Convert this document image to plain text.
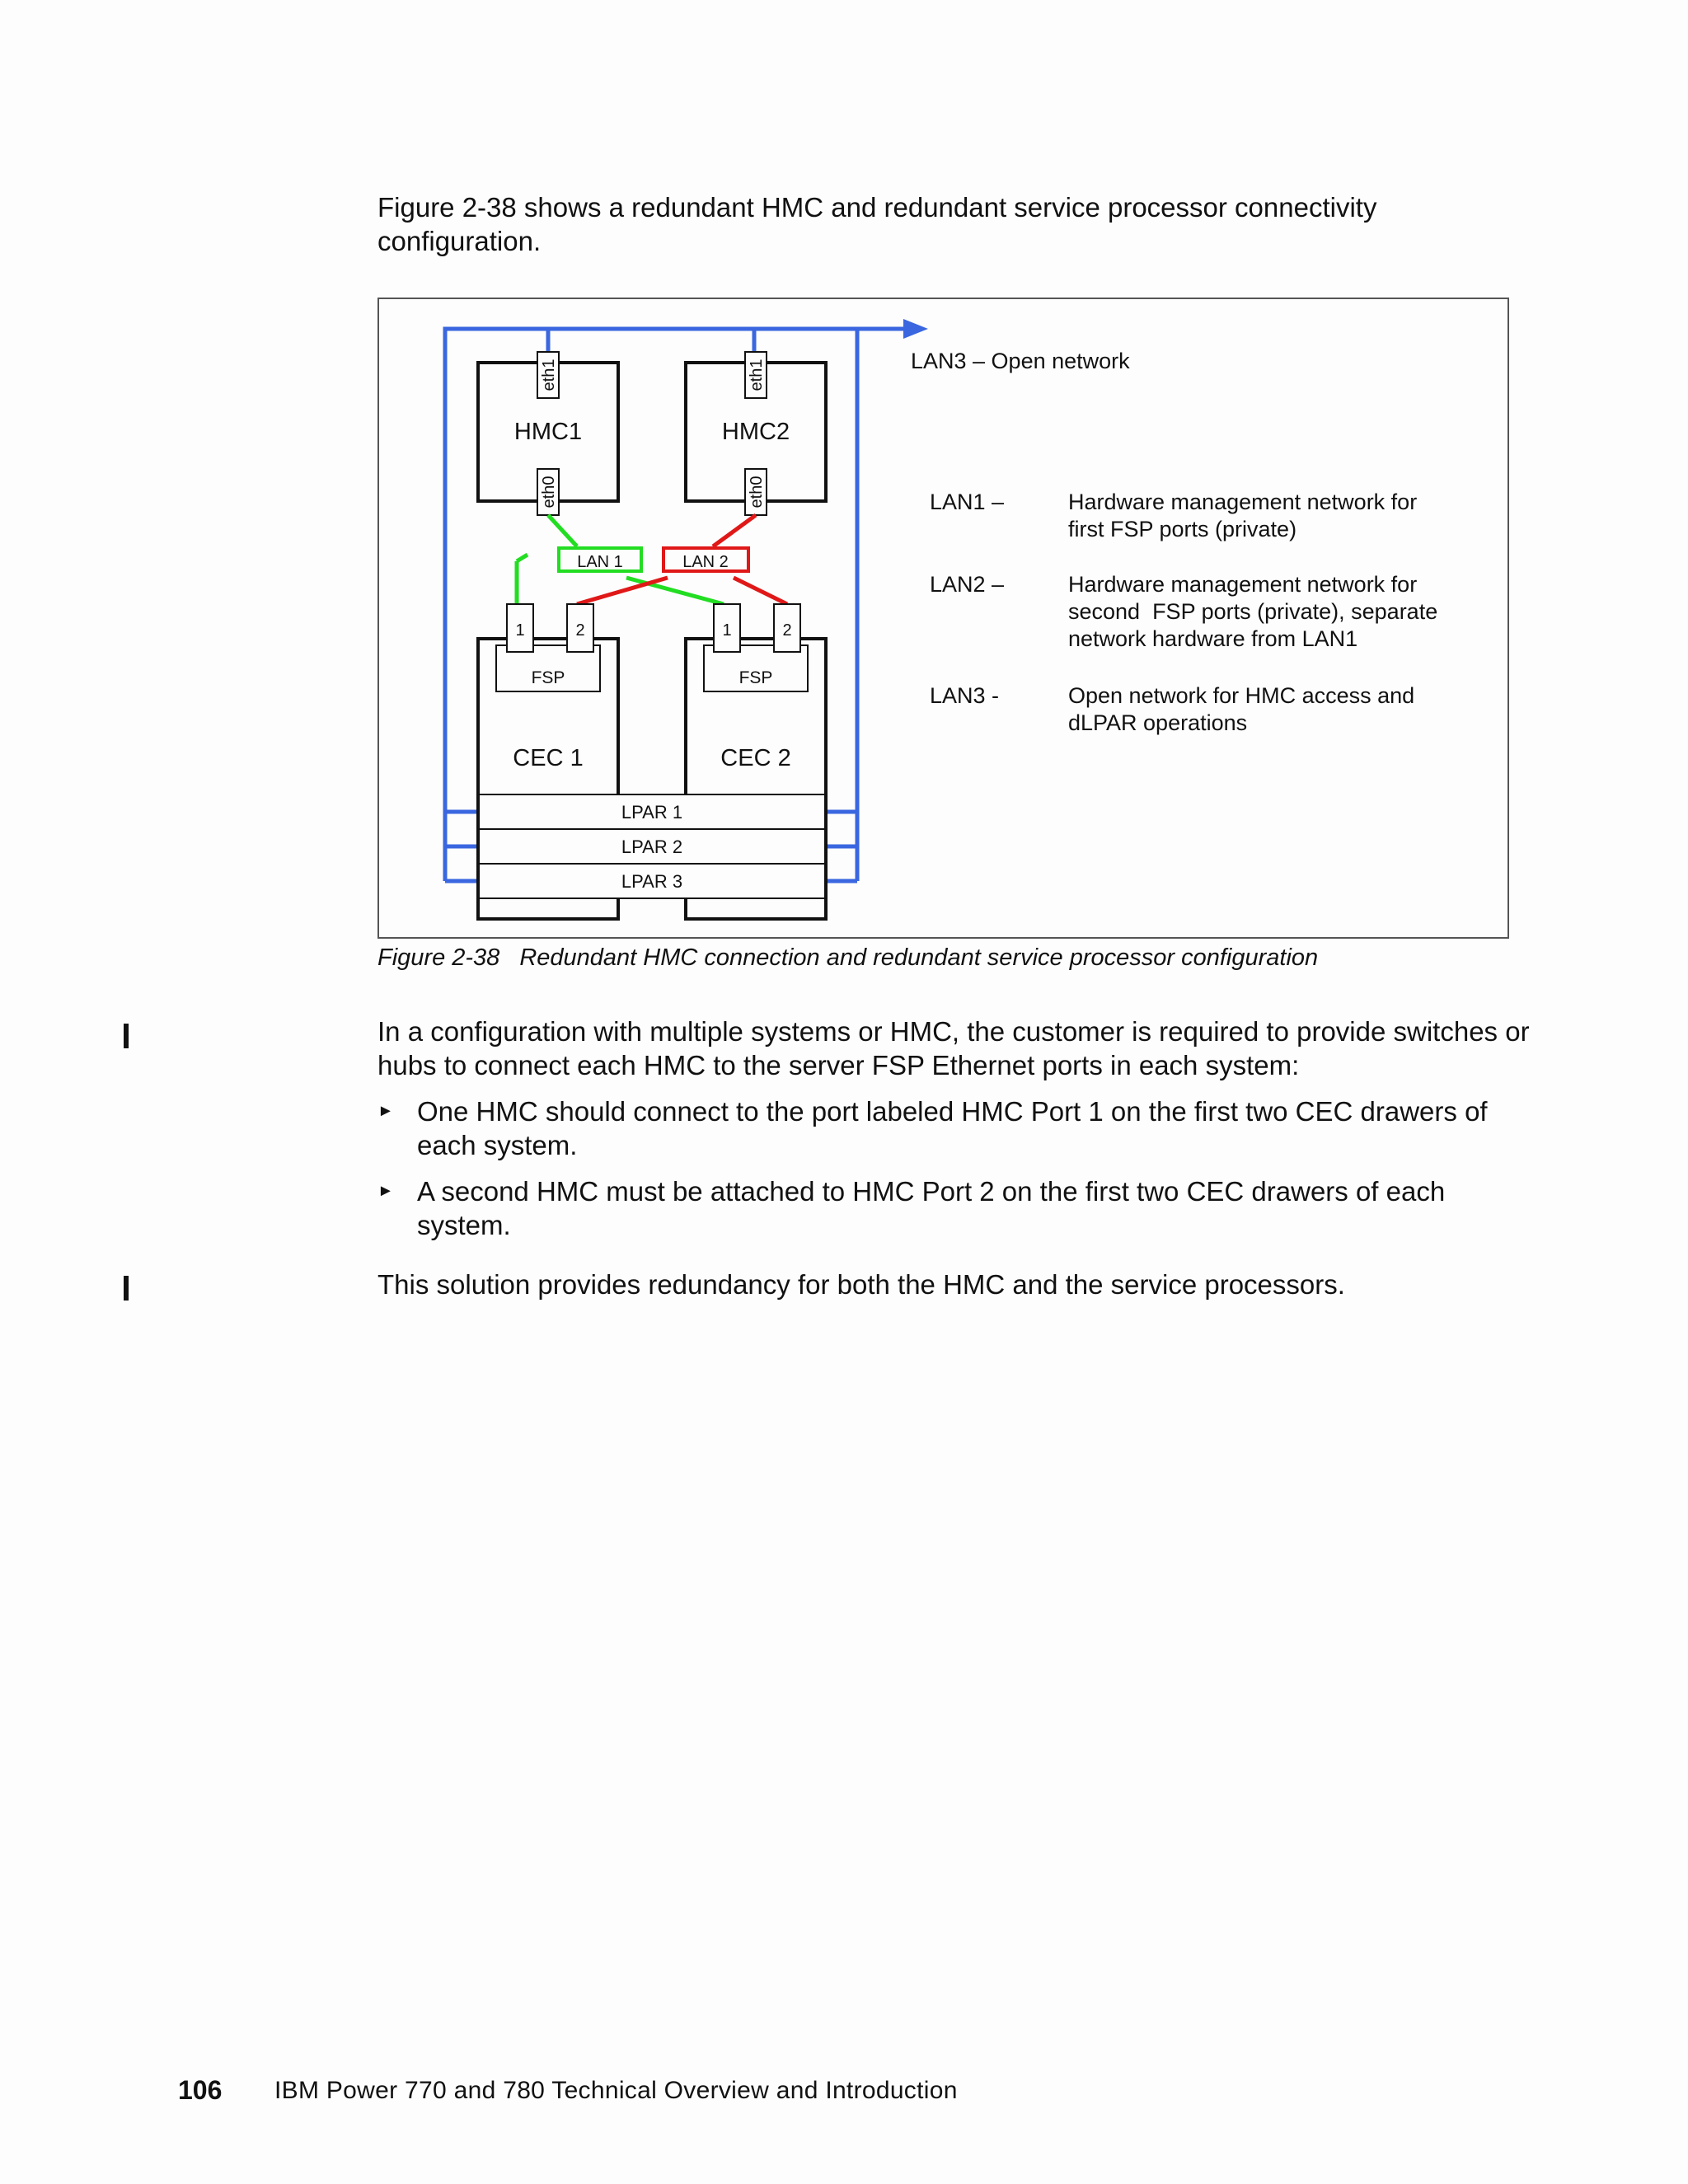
Figure 2-38 shows a redundant HMC and redundant service processor connectivity configuration.

HMC1	HMC2
eth1	eth1
eth0	eth0
LAN 1	LAN 2
FSP	FSP
1	2	1	2
CEC 1	CEC 2
LPAR 1
LPAR 2
LPAR 3
LAN3 – Open network
LAN1 –	Hardware management network for
first FSP ports (private)
LAN2 –	Hardware management network for
second  FSP ports (private), separate
network hardware from LAN1
LAN3 -	Open network for HMC access and
dLPAR operations
Figure 2-38 Redundant HMC connection and redundant service processor configuration

In a configuration with multiple systems or HMC, the customer is required to provide switches or hubs to connect each HMC to the server FSP Ethernet ports in each system:

► One HMC should connect to the port labeled HMC Port 1 on the first two CEC drawers of each system.
► A second HMC must be attached to HMC Port 2 on the first two CEC drawers of each system.

This solution provides redundancy for both the HMC and the service processors.

106 IBM Power 770 and 780 Technical Overview and Introduction
